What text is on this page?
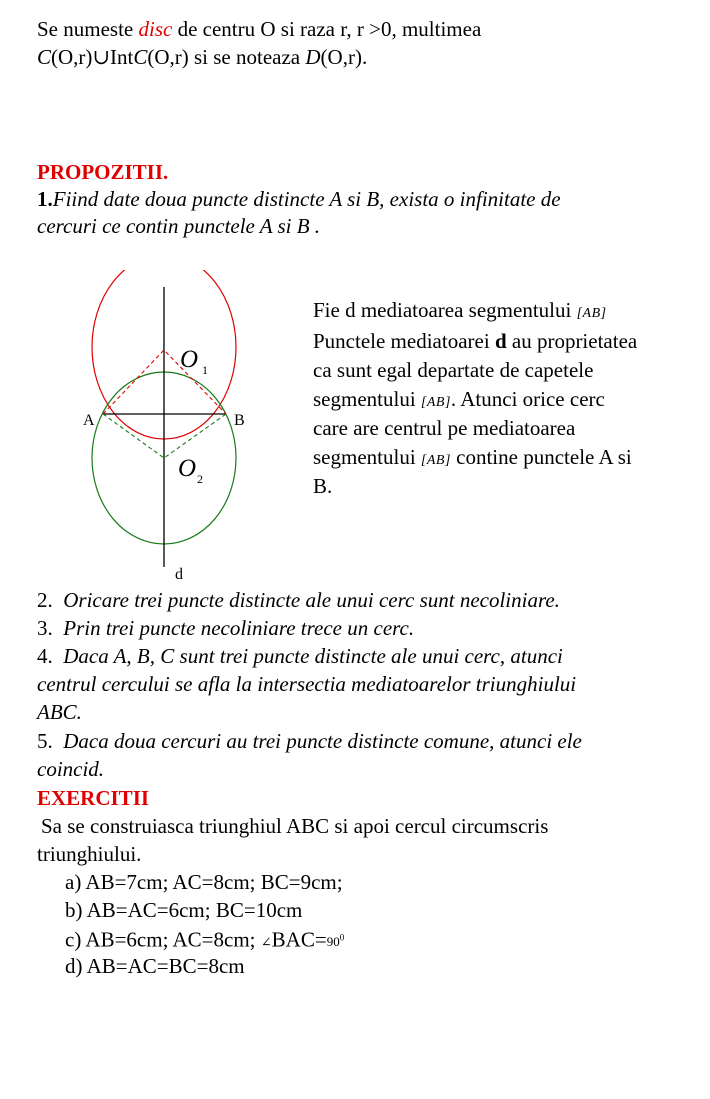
Se numeste disc de centru O si raza r, r >0, multimea
C(O,r)∪IntC(O,r) si se noteaza D(O,r).
PROPOZITII.
1.Fiind date doua puncte distincte A si B, exista o infinitate de
cercuri ce contin punctele A si B .
A	B
O 1
O 2
d
Fie d mediatoarea segmentului [AB]
Punctele mediatoarei d au proprietatea
ca sunt egal departate de capetele
segmentului [AB]. Atunci orice cerc
care are centrul pe mediatoarea
segmentului [AB] contine punctele A si
B.
2. Oricare trei puncte distincte ale unui cerc sunt necoliniare.
3. Prin trei puncte necoliniare trece un cerc.
4. Daca A, B, C sunt trei puncte distincte ale unui cerc, atunci
centrul cercului se afla la intersectia mediatoarelor triunghiului
ABC.
5. Daca doua cercuri au trei puncte distincte comune, atunci ele
coincid.
EXERCITII
Sa se construiasca triunghiul ABC si apoi cercul circumscris
triunghiului.
a) AB=7cm; AC=8cm; BC=9cm;
b) AB=AC=6cm; BC=10cm
c) AB=6cm; AC=8cm; $\angle BAC=90^0$
d) AB=AC=BC=8cm
